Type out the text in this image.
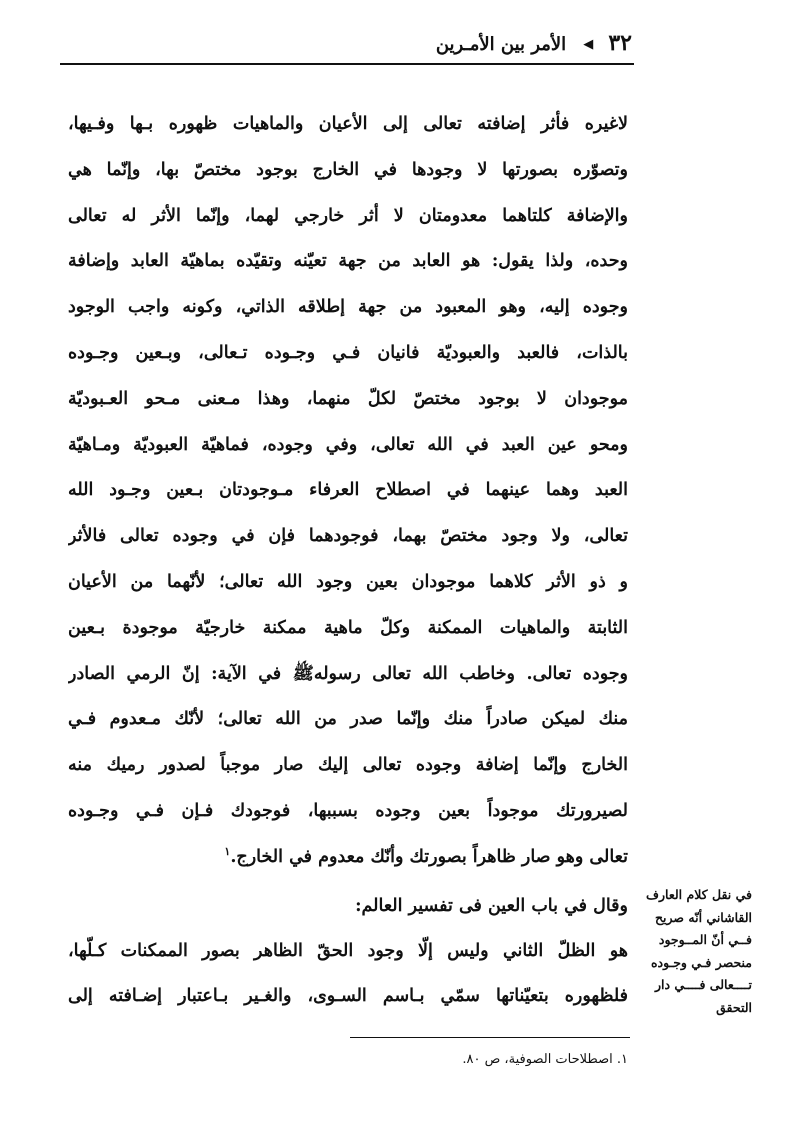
٣٢ ◀ الأمر بين الأمـرين
لاغيره فأثر إضافته تعالى إلى الأعيان والماهيات ظهوره بـها وفـيها،
وتصوّره بصورتها لا وجودها في الخارج بوجود مختصّ بها، وإنّما هي
والإضافة كلتاهما معدومتان لا أثر خارجي لهما، وإنّما الأثر له تعالى
وحده، ولذا يقول: هو العابد من جهة تعيّنه وتقيّده بماهيّة العابد وإضافة
وجوده إليه، وهو المعبود من جهة إطلاقه الذاتي، وكونه واجب الوجود
بالذات، فالعبد والعبوديّة فانيان فـي وجـوده تـعالى، وبـعين وجـوده
موجودان لا بوجود مختصّ لكلّ منهما، وهذا مـعنى مـحو العـبوديّة
ومحو عين العبد في الله تعالى، وفي وجوده، فماهيّة العبوديّة ومـاهيّة
العبد وهما عينهما في اصطلاح العرفاء مـوجودتان بـعين وجـود الله
تعالى، ولا وجود مختصّ بهما، فوجودهما فإن في وجوده تعالى فالأثر
و ذو الأثر كلاهما موجودان بعين وجود الله تعالى؛ لأنّهما من الأعيان
الثابتة والماهيات الممكنة وكلّ ماهية ممكنة خارجيّة موجودة بـعين
وجوده تعالى. وخاطب الله تعالى رسولهﷺ في الآية: إنّ الرمي الصادر
منك لميكن صادراً منك وإنّما صدر من الله تعالى؛ لأنّك مـعدوم فـي
الخارج وإنّما إضافة وجوده تعالى إليك صار موجباً لصدور رميك منه
لصيرورتك موجوداً بعين وجوده بسببها، فوجودك فـإن فـي وجـوده
تعالى وهو صار ظاهراً بصورتك وأنّك معدوم في الخارج.$^١$
في نقل كلام العارف
القاشاني أنّه صريح
فــي أنّ المــوجود
منحصر فـي وجـوده
تــــعالى فــــي دار
التحقق
وقال في باب العين فى تفسير العالم:
هو الظلّ الثاني وليس إلّا وجود الحقّ الظاهر بصور الممكنات كـلّها،
فلظهوره بتعيّناتها سمّي بـاسم السـوى، والغـير بـاعتبار إضـافته إلى
١. اصطلاحات الصوفية، ص ٨٠.
